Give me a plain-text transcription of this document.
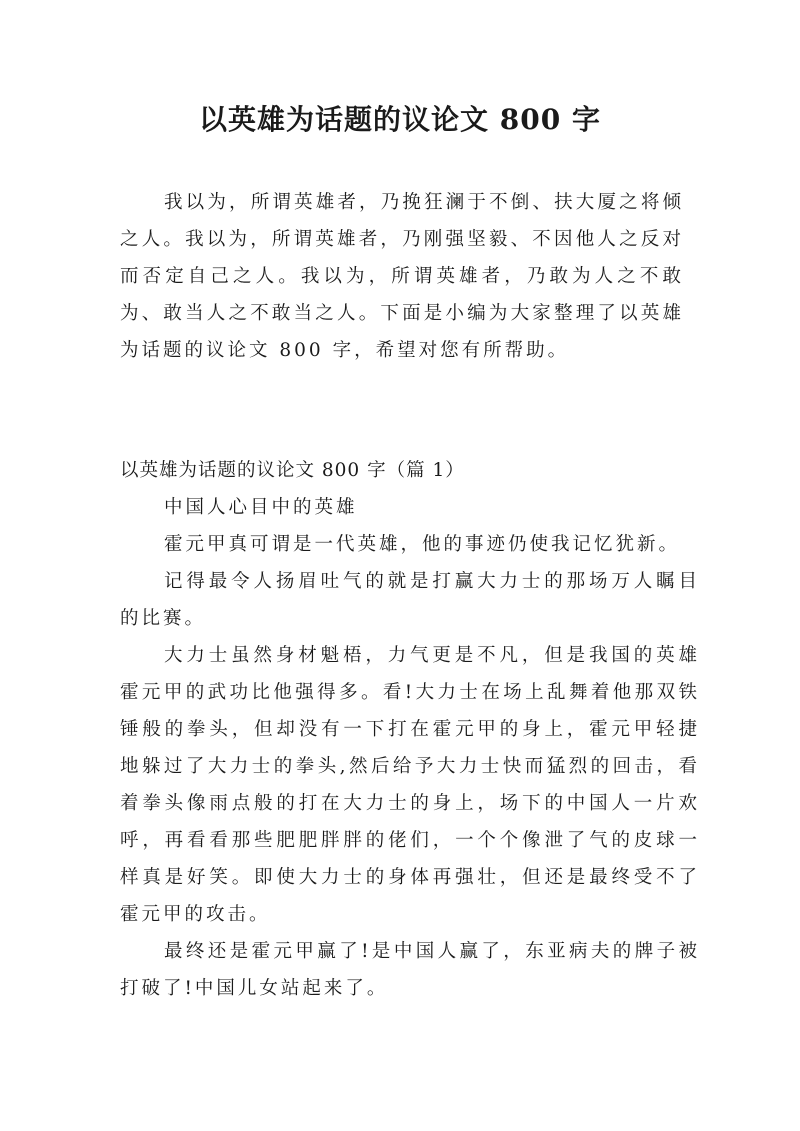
以英雄为话题的议论文 800 字

我以为，所谓英雄者，乃挽狂澜于不倒、扶大厦之将倾之人。我以为，所谓英雄者，乃刚强坚毅、不因他人之反对而否定自己之人。我以为，所谓英雄者，乃敢为人之不敢为、敢当人之不敢当之人。下面是小编为大家整理了以英雄为话题的议论文 800 字，希望对您有所帮助。

以英雄为话题的议论文 800 字（篇 1）

中国人心目中的英雄

霍元甲真可谓是一代英雄，他的事迹仍使我记忆犹新。

记得最令人扬眉吐气的就是打赢大力士的那场万人瞩目的比赛。

大力士虽然身材魁梧，力气更是不凡，但是我国的英雄霍元甲的武功比他强得多。看!大力士在场上乱舞着他那双铁锤般的拳头，但却没有一下打在霍元甲的身上，霍元甲轻捷地躲过了大力士的拳头,然后给予大力士快而猛烈的回击，看着拳头像雨点般的打在大力士的身上，场下的中国人一片欢呼，再看看那些肥肥胖胖的佬们，一个个像泄了气的皮球一样真是好笑。即使大力士的身体再强壮，但还是最终受不了霍元甲的攻击。

最终还是霍元甲赢了!是中国人赢了，东亚病夫的牌子被打破了!中国儿女站起来了。
